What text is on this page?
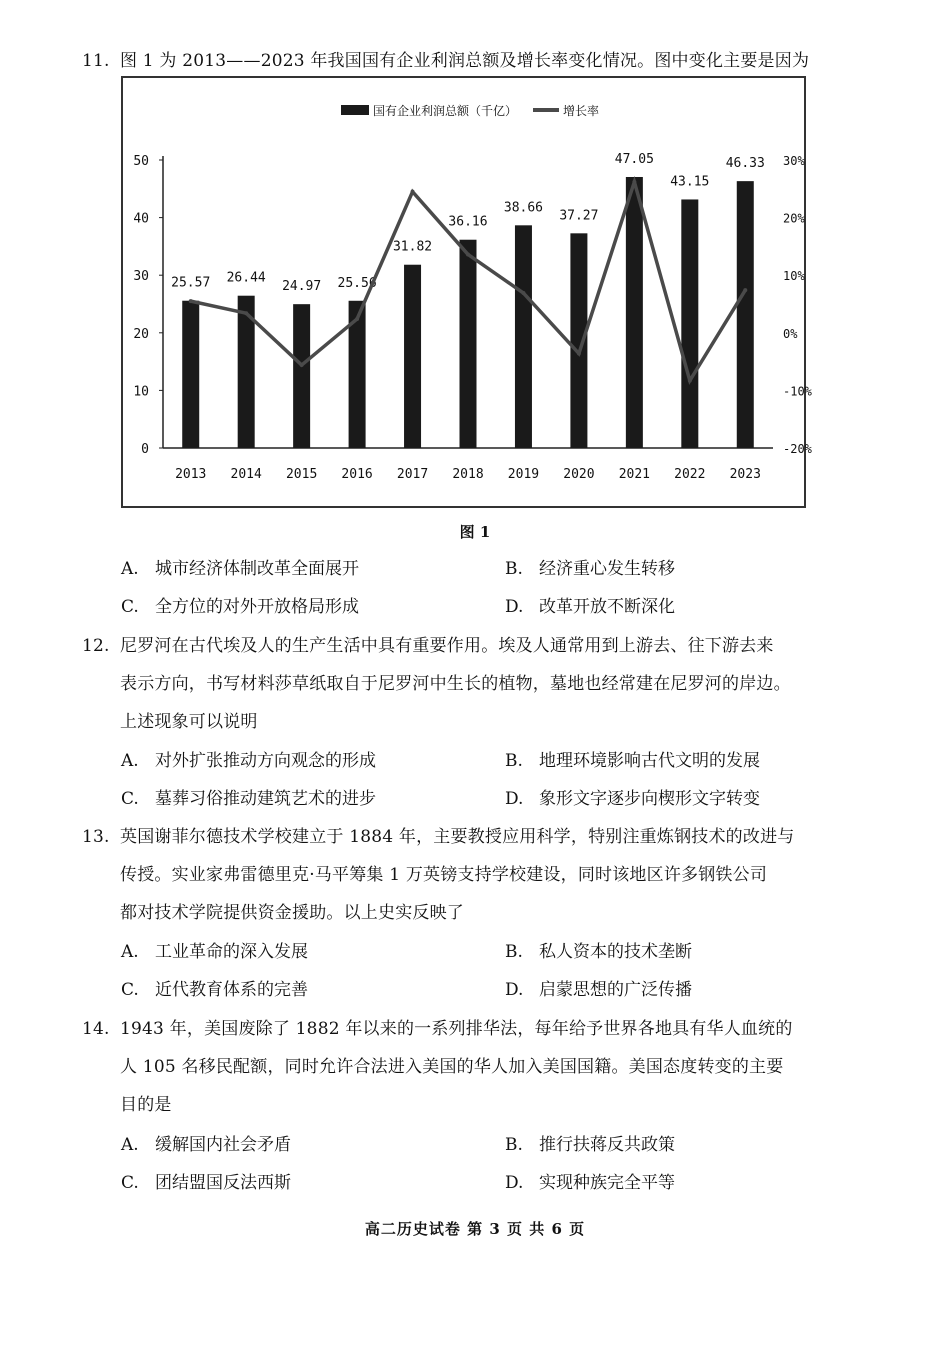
11. 图 1 为 2013——2023 年我国国有企业利润总额及增长率变化情况。图中变化主要是因为
0
10
20
30
40
50
-20%
-10%
0%
10%
20%
30%
25.57
2013
26.44
2014
24.97
2015
25.56
2016
31.82
2017
36.16
2018
38.66
2019
37.27
2020
47.05
2021
43.15
2022
46.33
2023
国有企业利润总额（千亿）	增长率
图 1
A. 城市经济体制改革全面展开	B. 经济重心发生转移
C. 全方位的对外开放格局形成	D. 改革开放不断深化
12. 尼罗河在古代埃及人的生产生活中具有重要作用。埃及人通常用到上游去、往下游去来
表示方向，书写材料莎草纸取自于尼罗河中生长的植物，墓地也经常建在尼罗河的岸边。
上述现象可以说明
A. 对外扩张推动方向观念的形成	B. 地理环境影响古代文明的发展
C. 墓葬习俗推动建筑艺术的进步	D. 象形文字逐步向楔形文字转变
13. 英国谢菲尔德技术学校建立于 1884 年，主要教授应用科学，特别注重炼钢技术的改进与
传授。实业家弗雷德里克·马平筹集 1 万英镑支持学校建设，同时该地区许多钢铁公司
都对技术学院提供资金援助。以上史实反映了
A. 工业革命的深入发展	B. 私人资本的技术垄断
C. 近代教育体系的完善	D. 启蒙思想的广泛传播
14. 1943 年，美国废除了 1882 年以来的一系列排华法，每年给予世界各地具有华人血统的
人 105 名移民配额，同时允许合法进入美国的华人加入美国国籍。美国态度转变的主要
目的是
A. 缓解国内社会矛盾	B. 推行扶蒋反共政策
C. 团结盟国反法西斯	D. 实现种族完全平等
高二历史试卷 第 3 页 共 6 页
